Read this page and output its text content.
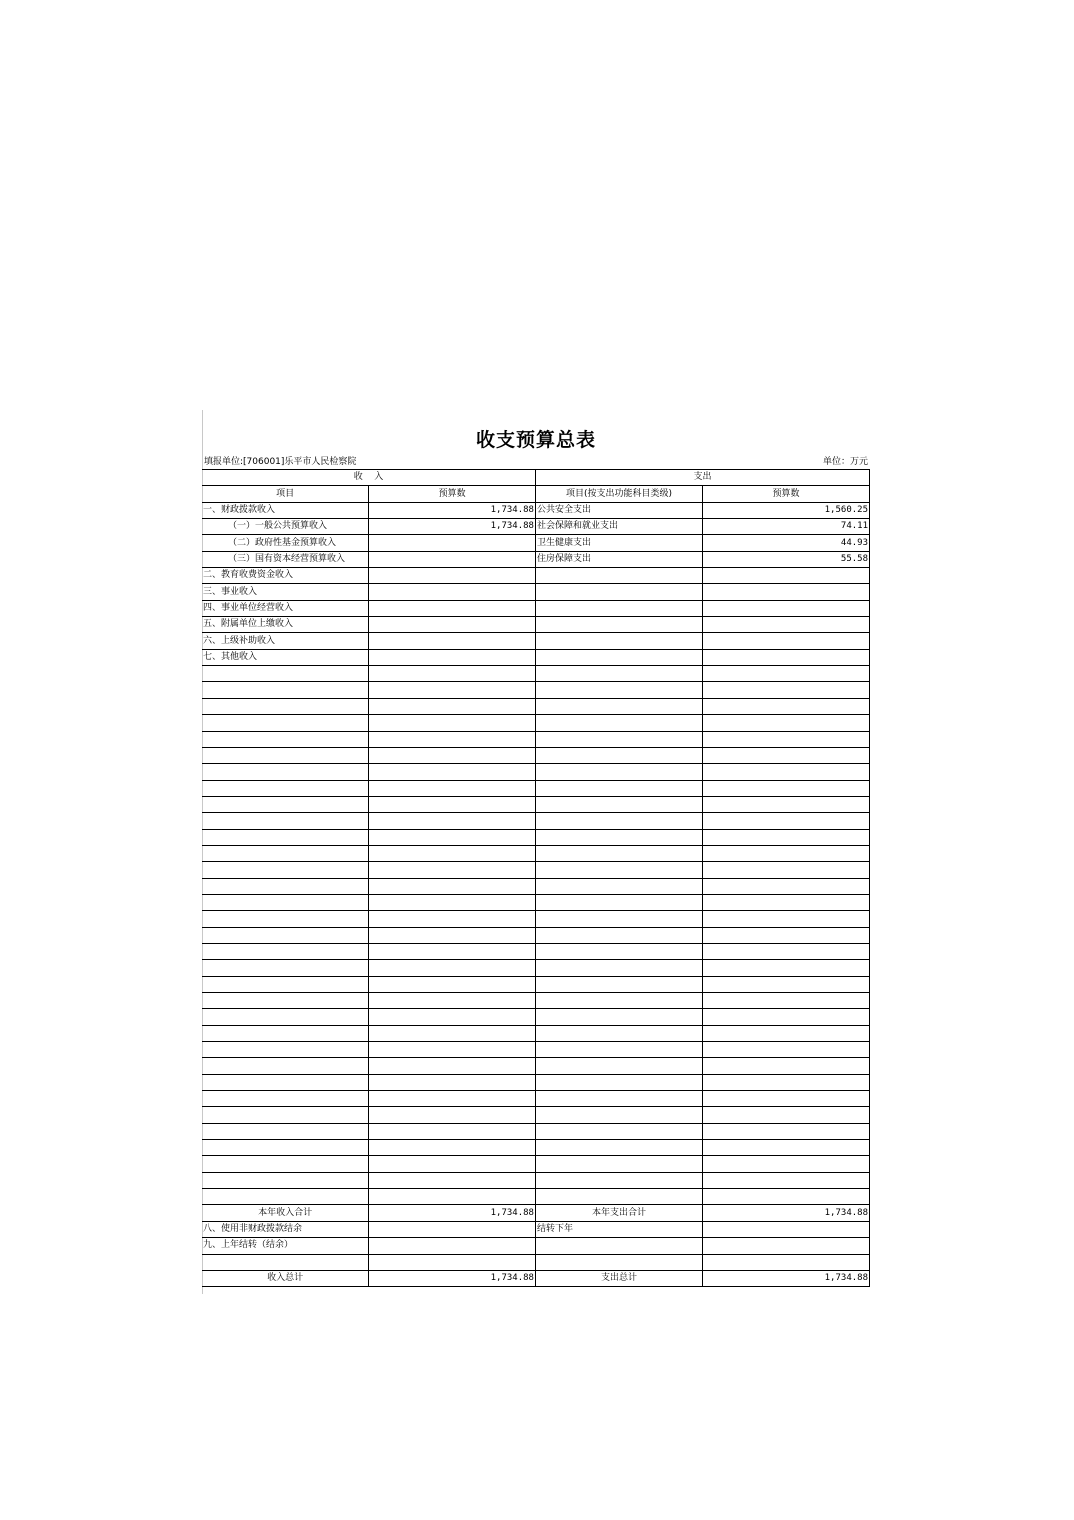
收支预算总表
填报单位:[706001]乐平市人民检察院	单位：万元
收    入		支出	
项目	预算数	项目(按支出功能科目类级)	预算数
一、财政拨款收入	1,734.88	公共安全支出	1,560.25
（一）一般公共预算收入	1,734.88	社会保障和就业支出	74.11
（二）政府性基金预算收入		卫生健康支出	44.93
（三）国有资本经营预算收入		住房保障支出	55.58
二、教育收费资金收入			
三、事业收入			
四、事业单位经营收入			
五、附属单位上缴收入			
六、上级补助收入			
七、其他收入			

本年收入合计	1,734.88	本年支出合计	1,734.88
八、使用非财政拨款结余		结转下年	
九、上年结转（结余）			

收入总计	1,734.88	支出总计	1,734.88
